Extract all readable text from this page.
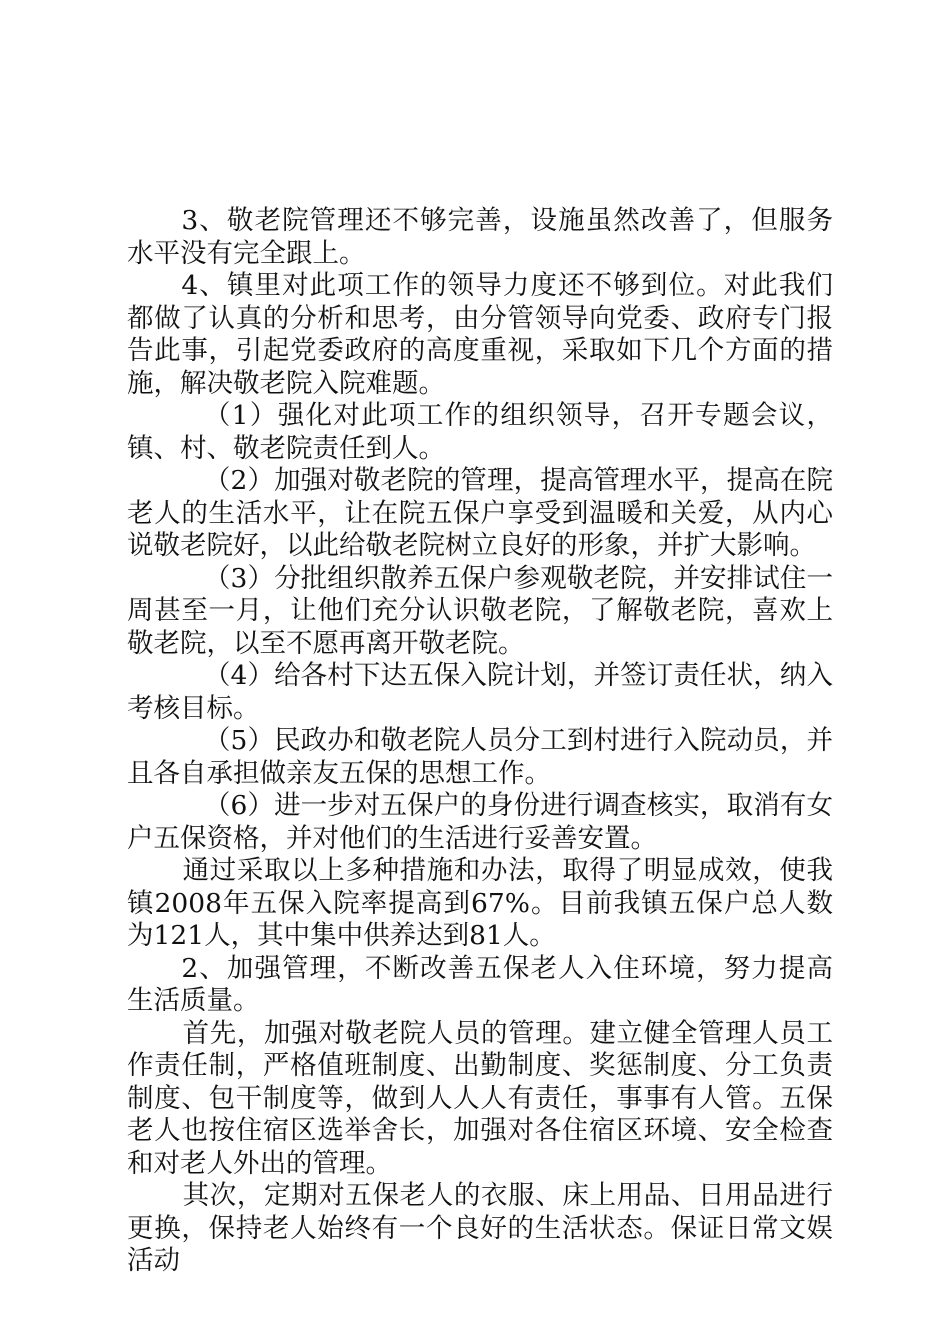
3、敬老院管理还不够完善，设施虽然改善了，但服务水平没有完全跟上。

4、镇里对此项工作的领导力度还不够到位。对此我们都做了认真的分析和思考，由分管领导向党委、政府专门报告此事，引起党委政府的高度重视，采取如下几个方面的措施，解决敬老院入院难题。

（1）强化对此项工作的组织领导，召开专题会议，镇、村、敬老院责任到人。

（2）加强对敬老院的管理，提高管理水平，提高在院老人的生活水平，让在院五保户享受到温暖和关爱，从内心说敬老院好，以此给敬老院树立良好的形象，并扩大影响。

（3）分批组织散养五保户参观敬老院，并安排试住一周甚至一月，让他们充分认识敬老院，了解敬老院，喜欢上敬老院，以至不愿再离开敬老院。

（4）给各村下达五保入院计划，并签订责任状，纳入考核目标。

（5）民政办和敬老院人员分工到村进行入院动员，并且各自承担做亲友五保的思想工作。

（6）进一步对五保户的身份进行调查核实，取消有女户五保资格，并对他们的生活进行妥善安置。

通过采取以上多种措施和办法，取得了明显成效，使我镇2008年五保入院率提高到67%。目前我镇五保户总人数为121人，其中集中供养达到81人。

2、加强管理，不断改善五保老人入住环境，努力提高生活质量。

首先，加强对敬老院人员的管理。建立健全管理人员工作责任制，严格值班制度、出勤制度、奖惩制度、分工负责制度、包干制度等，做到人人人有责任，事事有人管。五保老人也按住宿区选举舍长，加强对各住宿区环境、安全检查和对老人外出的管理。

其次，定期对五保老人的衣服、床上用品、日用品进行更换，保持老人始终有一个良好的生活状态。保证日常文娱活动
